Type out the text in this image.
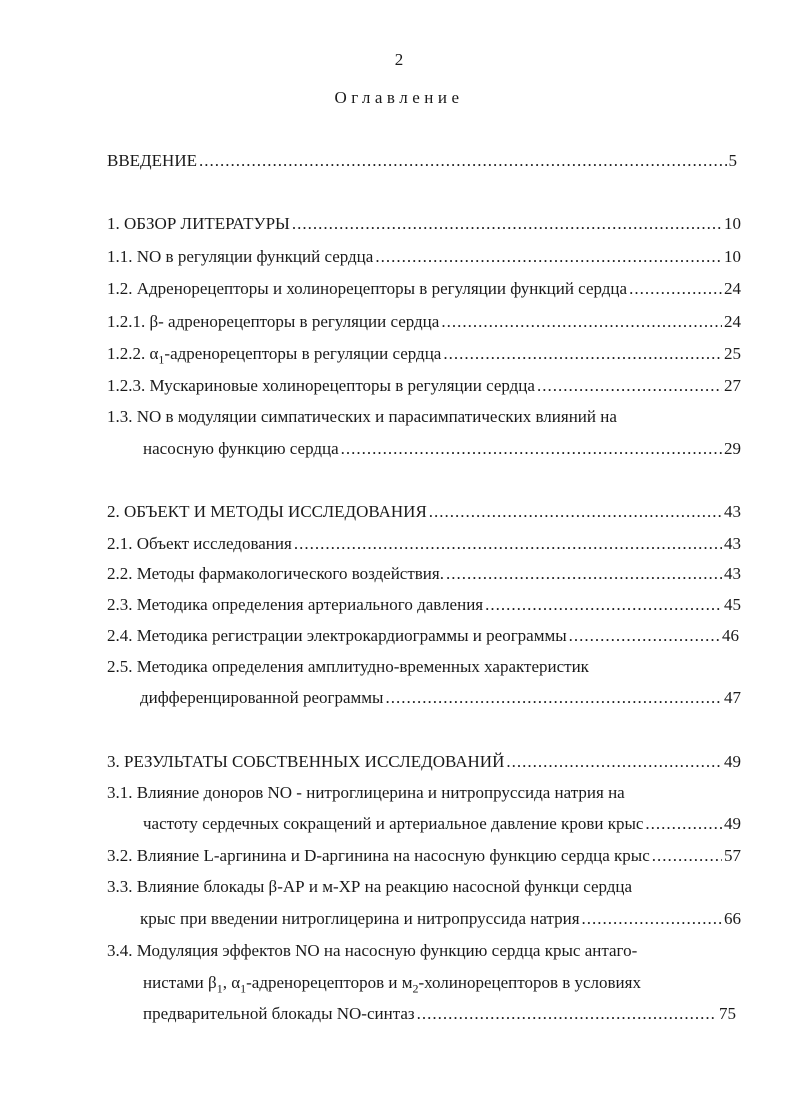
2
Оглавление
ВВЕДЕНИЕ .....	5
1. ОБЗОР ЛИТЕРАТУРЫ .....	10
1.1. NO в регуляции функций сердца .....	10
1.2. Адренорецепторы и холинорецепторы в регуляции функций сердца .....	24
1.2.1. β- адренорецепторы в регуляции сердца .....	24
1.2.2. $\alpha_1$-адренорецепторы в регуляции сердца .....	25
1.2.3. Мускариновые холинорецепторы в регуляции сердца .....	27
1.3. NO в модуляции симпатических и парасимпатических влияний на
насосную функцию сердца .....	29
2. ОБЪЕКТ И МЕТОДЫ ИССЛЕДОВАНИЯ .....	43
2.1. Объект исследования .....	43
2.2. Методы фармакологического воздействия. .....	43
2.3. Методика определения артериального давления .....	45
2.4. Методика регистрации электрокардиограммы и реограммы .....	46
2.5. Методика определения амплитудно-временных характеристик
дифференцированной реограммы .....	47
3. РЕЗУЛЬТАТЫ СОБСТВЕННЫХ ИССЛЕДОВАНИЙ .....	49
3.1. Влияние доноров NO - нитроглицерина и нитропруссида натрия на
частоту сердечных сокращений и артериальное давление крови крыс .....	49
3.2. Влияние L-аргинина и D-аргинина на насосную функцию сердца крыс .....	57
3.3. Влияние блокады β-АР и м-ХР на реакцию насосной функци сердца
крыс при введении нитроглицерина и нитропруссида натрия .....	66
3.4. Модуляция эффектов NO на насосную функцию сердца крыс антаго-
нистами $\beta_1$, $\alpha_1$-адренорецепторов и $м_2$-холинорецепторов в условиях
предварительной блокады NO-синтаз .....	75
